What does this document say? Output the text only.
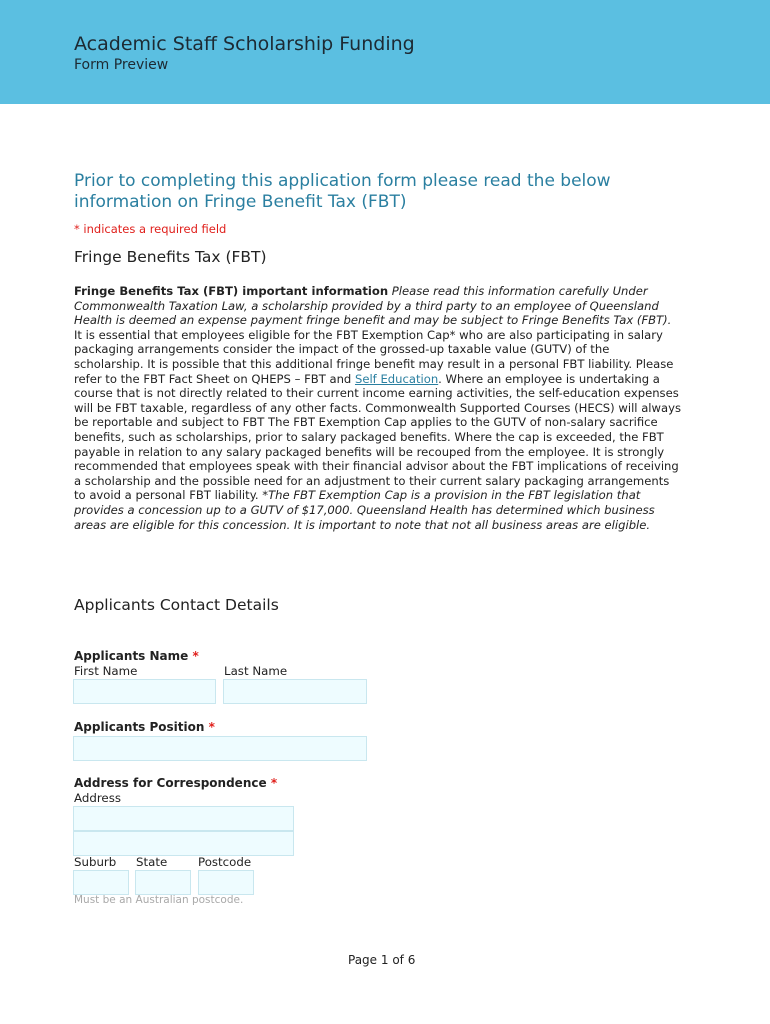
Academic Staff Scholarship Funding
Form Preview
Prior to completing this application form please read the below information on Fringe Benefit Tax (FBT)
* indicates a required field
Fringe Benefits Tax (FBT)
Fringe Benefits Tax (FBT) important information Please read this information carefully Under Commonwealth Taxation Law, a scholarship provided by a third party to an employee of Queensland Health is deemed an expense payment fringe benefit and may be subject to Fringe Benefits Tax (FBT). It is essential that employees eligible for the FBT Exemption Cap* who are also participating in salary packaging arrangements consider the impact of the grossed-up taxable value (GUTV) of the scholarship. It is possible that this additional fringe benefit may result in a personal FBT liability. Please refer to the FBT Fact Sheet on QHEPS – FBT and Self Education. Where an employee is undertaking a course that is not directly related to their current income earning activities, the self-education expenses will be FBT taxable, regardless of any other facts. Commonwealth Supported Courses (HECS) will always be reportable and subject to FBT The FBT Exemption Cap applies to the GUTV of non-salary sacrifice benefits, such as scholarships, prior to salary packaged benefits. Where the cap is exceeded, the FBT payable in relation to any salary packaged benefits will be recouped from the employee. It is strongly recommended that employees speak with their financial advisor about the FBT implications of receiving a scholarship and the possible need for an adjustment to their current salary packaging arrangements to avoid a personal FBT liability. *The FBT Exemption Cap is a provision in the FBT legislation that provides a concession up to a GUTV of $17,000. Queensland Health has determined which business areas are eligible for this concession. It is important to note that not all business areas are eligible.
Applicants Contact Details
Applicants Name *
First Name	Last Name
Applicants Position *
Address for Correspondence *
Address
Suburb State	Postcode
Must be an Australian postcode.
Page 1 of 6
